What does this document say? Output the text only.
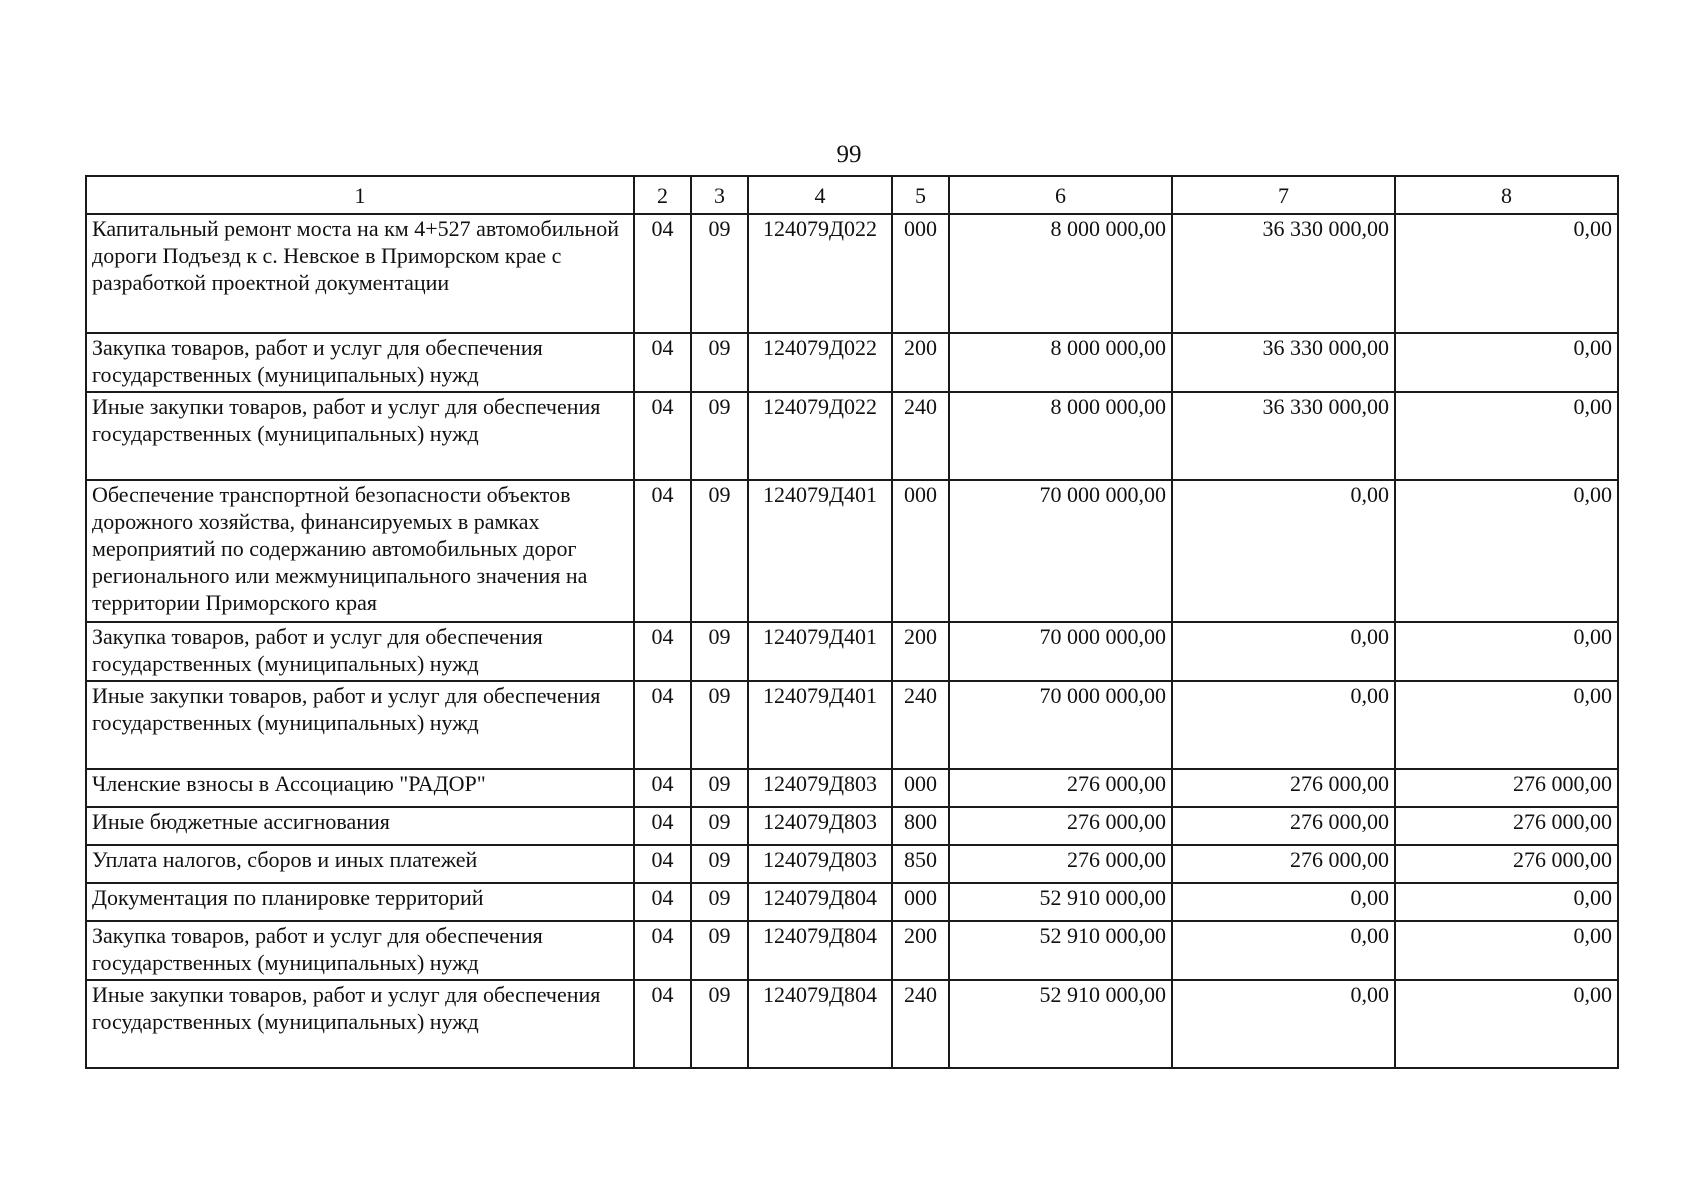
99
1	2	3	4	5	6	7	8
Капитальный ремонт моста на км 4+527 автомобильной дороги Подъезд к с. Невское в Приморском крае с разработкой проектной документации	04	09	124079Д022	000	8 000 000,00	36 330 000,00	0,00
Закупка товаров, работ и услуг для обеспечения государственных (муниципальных) нужд	04	09	124079Д022	200	8 000 000,00	36 330 000,00	0,00
Иные закупки товаров, работ и услуг для обеспечения государственных (муниципальных) нужд	04	09	124079Д022	240	8 000 000,00	36 330 000,00	0,00
Обеспечение транспортной безопасности объектов дорожного хозяйства, финансируемых в рамках мероприятий по содержанию автомобильных дорог регионального или межмуниципального значения на территории Приморского края	04	09	124079Д401	000	70 000 000,00	0,00	0,00
Закупка товаров, работ и услуг для обеспечения государственных (муниципальных) нужд	04	09	124079Д401	200	70 000 000,00	0,00	0,00
Иные закупки товаров, работ и услуг для обеспечения государственных (муниципальных) нужд	04	09	124079Д401	240	70 000 000,00	0,00	0,00
Членские взносы в Ассоциацию "РАДОР"	04	09	124079Д803	000	276 000,00	276 000,00	276 000,00
Иные бюджетные ассигнования	04	09	124079Д803	800	276 000,00	276 000,00	276 000,00
Уплата налогов, сборов и иных платежей	04	09	124079Д803	850	276 000,00	276 000,00	276 000,00
Документация по планировке территорий	04	09	124079Д804	000	52 910 000,00	0,00	0,00
Закупка товаров, работ и услуг для обеспечения государственных (муниципальных) нужд	04	09	124079Д804	200	52 910 000,00	0,00	0,00
Иные закупки товаров, работ и услуг для обеспечения государственных (муниципальных) нужд	04	09	124079Д804	240	52 910 000,00	0,00	0,00
